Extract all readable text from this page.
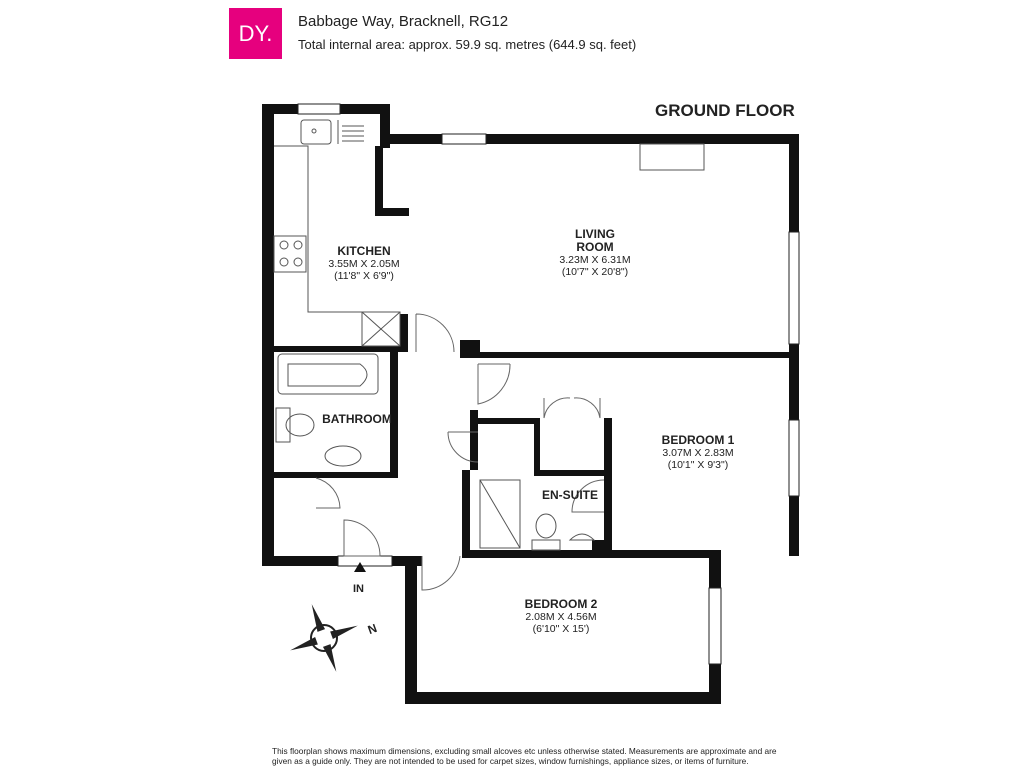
DY.	Babbage Way, Bracknell, RG12
Total internal area: approx. 59.9 sq. metres (644.9 sq. feet)
GROUND FLOOR
KITCHEN
3.55M X 2.05M
(11'8" X 6'9")
LIVING
ROOM
3.23M X 6.31M
(10'7" X 20'8")
BATHROOM
BEDROOM 1
3.07M X 2.83M
(10'1" X 9'3")
EN-SUITE
BEDROOM 2
2.08M X 4.56M
(6'10" X 15')
IN
N
This floorplan shows maximum dimensions, excluding small alcoves etc unless otherwise stated. Measurements are approximate and are given as a guide only. They are not intended to be used for carpet sizes, window furnishings, appliance sizes, or items of furniture.
